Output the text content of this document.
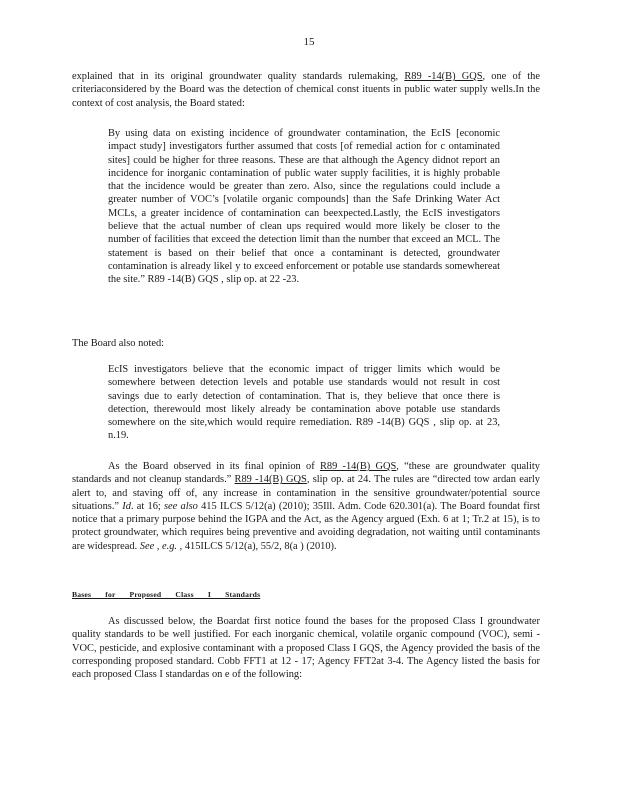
15
explained that in its original groundwater quality standards rulemaking, R89 -14(B) GQS, one of the criteriaconsidered by the Board was the detection of chemical const ituents in public water supply wells.In the context of cost analysis, the Board stated:
By using data on existing incidence of groundwater contamination, the EcIS [economic impact study] investigators further assumed that costs [of remedial action for c ontaminated sites] could be higher for three reasons. These are that although the Agency didnot report an incidence for inorganic contamination of public water supply facilities, it is highly probable that the incidence would be greater than zero. Also, since the regulations could include a greater number of VOC’s [volatile organic compounds] than the Safe Drinking Water Act MCLs, a greater incidence of contamination can beexpected.Lastly, the EcIS investigators believe that the actual number of clean ups required would more likely be closer to the number of facilities that exceed the detection limit than the number that exceed an MCL. The statement is based on their belief that once a contaminant is detected, groundwater contamination is already likel y to exceed enforcement or potable use standards somewhereat the site.” R89 -14(B) GQS , slip op. at 22 -23.
The Board also noted:
EcIS investigators believe that the economic impact of trigger limits which would be somewhere between detection levels and potable use standards would not result in cost savings due to early detection of contamination. That is, they believe that once there is detection, therewould most likely already be contamination above potable use standards somewhere on the site,which would require remediation. R89 -14(B) GQS , slip op. at 23, n.19.
As the Board observed in its final opinion of R89 -14(B) GQS, “these are groundwater quality standards and not cleanup standards.” R89 -14(B) GQS, slip op. at 24. The rules are “directed tow ardan early alert to, and staving off of, any increase in contamination in the sensitive groundwater/potential source situations.” Id. at 16; see also 415 ILCS 5/12(a) (2010); 35Ill. Adm. Code 620.301(a). The Board foundat first notice that a primary purpose behind the IGPA and the Act, as the Agency argued (Exh. 6 at 1; Tr.2 at 15), is to protect groundwater, which requires being preventive and avoiding degradation, not waiting until contaminants are widespread. See , e.g. , 415ILCS 5/12(a), 55/2, 8(a ) (2010).
Bases for Proposed Class I Standards
As discussed below, the Boardat first notice found the bases for the proposed Class I groundwater quality standards to be well justified. For each inorganic chemical, volatile organic compound (VOC), semi - VOC, pesticide, and explosive contaminant with a proposed Class I GQS, the Agency provided the basis of the corresponding proposed standard. Cobb FFT1 at 12 - 17; Agency FFT2at 3-4. The Agency listed the basis for each proposed Class I standardas on e of the following:
